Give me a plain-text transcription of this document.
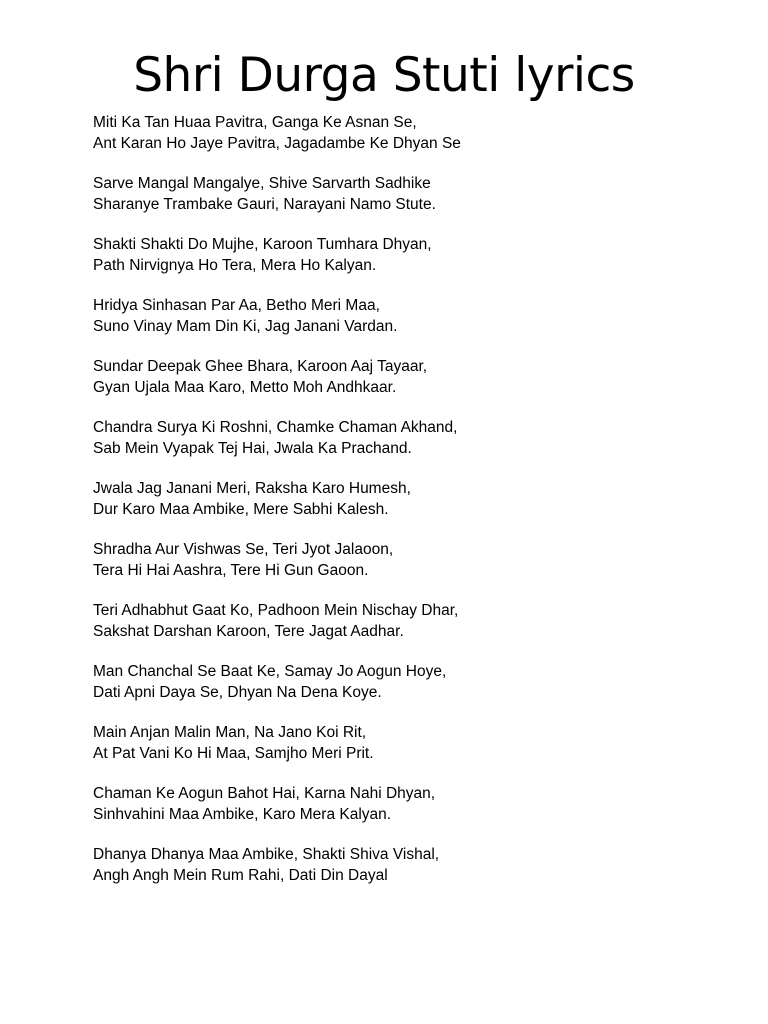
Shri Durga Stuti lyrics
Miti Ka Tan Huaa Pavitra, Ganga Ke Asnan Se,
Ant Karan Ho Jaye Pavitra, Jagadambe Ke Dhyan Se
Sarve Mangal Mangalye, Shive Sarvarth Sadhike
Sharanye Trambake Gauri, Narayani Namo Stute.
Shakti Shakti Do Mujhe, Karoon Tumhara Dhyan,
Path Nirvignya Ho Tera, Mera Ho Kalyan.
Hridya Sinhasan Par Aa, Betho Meri Maa,
Suno Vinay Mam Din Ki, Jag Janani Vardan.
Sundar Deepak Ghee Bhara, Karoon Aaj Tayaar,
Gyan Ujala Maa Karo, Metto Moh Andhkaar.
Chandra Surya Ki Roshni, Chamke Chaman Akhand,
Sab Mein Vyapak Tej Hai, Jwala Ka Prachand.
Jwala Jag Janani Meri, Raksha Karo Humesh,
Dur Karo Maa Ambike, Mere Sabhi Kalesh.
Shradha Aur Vishwas Se, Teri Jyot Jalaoon,
Tera Hi Hai Aashra, Tere Hi Gun Gaoon.
Teri Adhabhut Gaat Ko, Padhoon Mein Nischay Dhar,
Sakshat Darshan Karoon, Tere Jagat Aadhar.
Man Chanchal Se Baat Ke, Samay Jo Aogun Hoye,
Dati Apni Daya Se, Dhyan Na Dena Koye.
Main Anjan Malin Man, Na Jano Koi Rit,
At Pat Vani Ko Hi Maa, Samjho Meri Prit.
Chaman Ke Aogun Bahot Hai, Karna Nahi Dhyan,
Sinhvahini Maa Ambike, Karo Mera Kalyan.
Dhanya Dhanya Maa Ambike, Shakti Shiva Vishal,
Angh Angh Mein Rum Rahi, Dati Din Dayal
